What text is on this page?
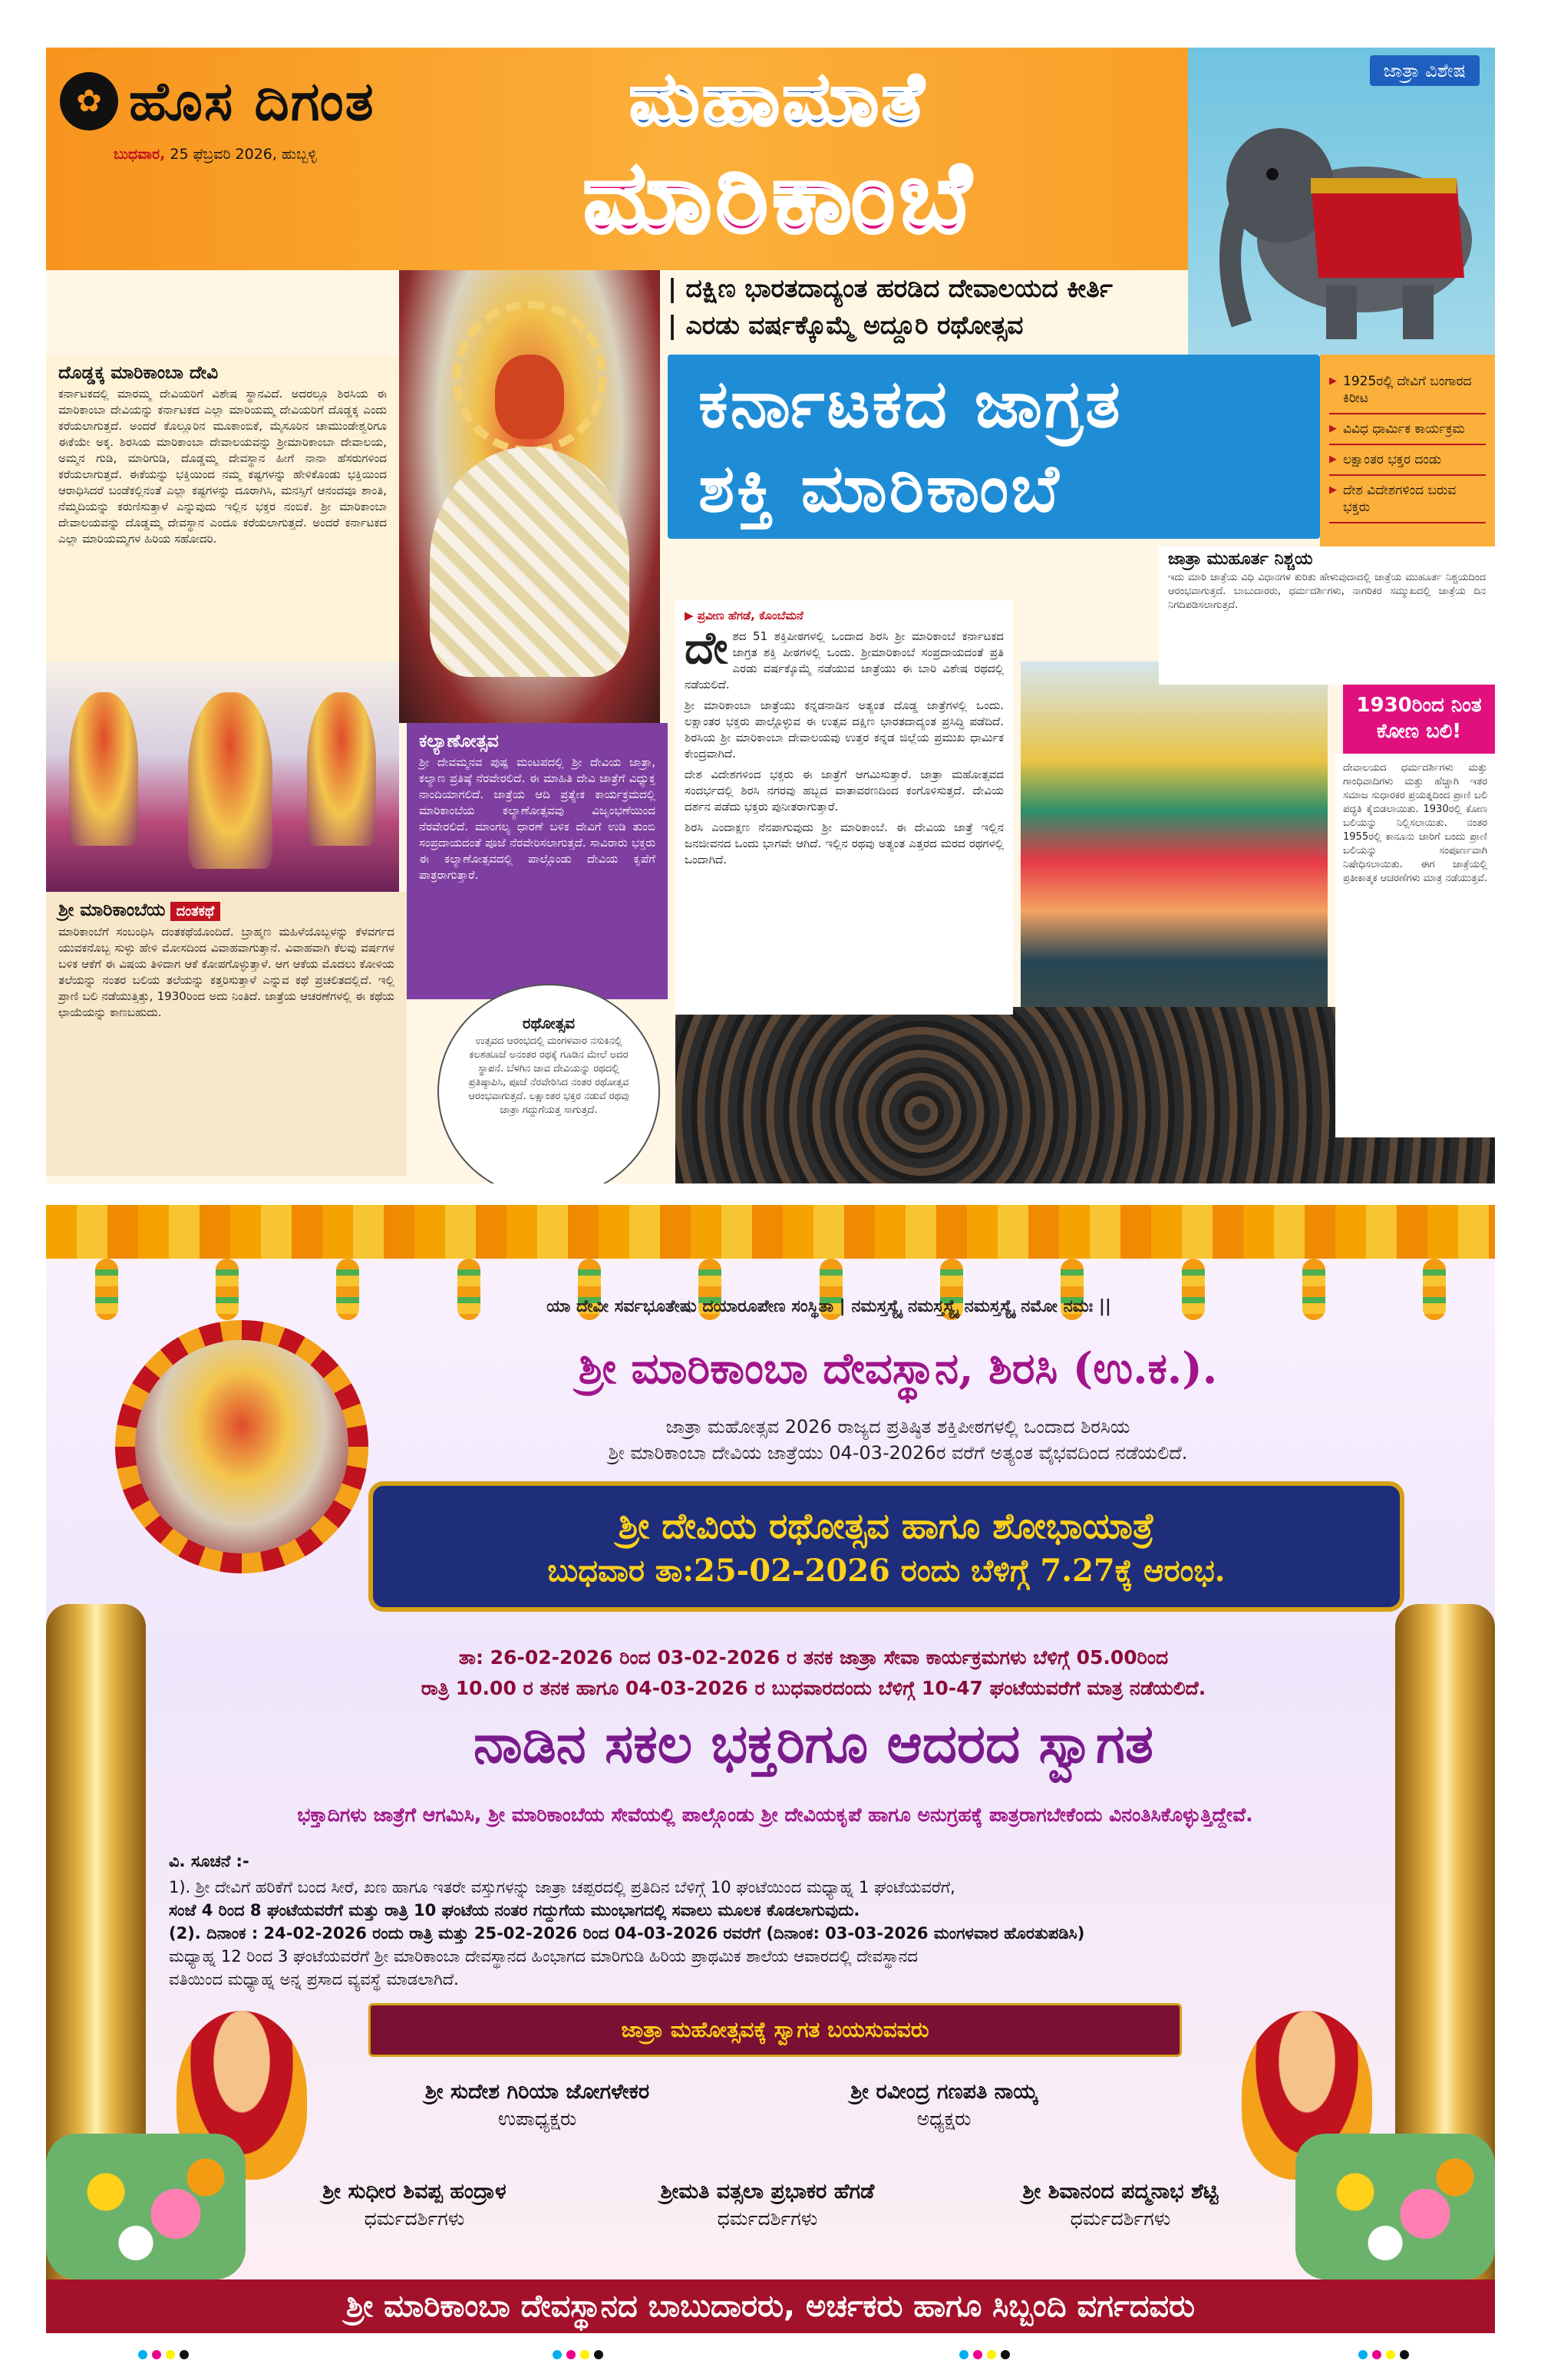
✿ ಹೊಸ ದಿಗಂತ
ಬುಧವಾರ, 25 ಫೆಬ್ರವರಿ 2026, ಹುಬ್ಬಳ್ಳಿ
ಮಹಾಮಾತೆ
ಮಾರಿಕಾಂಬೆ
ಜಾತ್ರಾ ವಿಶೇಷ
| ದಕ್ಷಿಣ ಭಾರತದಾದ್ಯಂತ ಹರಡಿದ ದೇವಾಲಯದ ಕೀರ್ತಿ
| ಎರಡು ವರ್ಷಕ್ಕೊಮ್ಮೆ ಅದ್ದೂರಿ ರಥೋತ್ಸವ
ಕರ್ನಾಟಕದ ಜಾಗ್ರತ
ಶಕ್ತಿ ಮಾರಿಕಾಂಬೆ
▶ 1925ರಲ್ಲಿ ದೇವಿಗೆ ಬಂಗಾರದ ಕಿರೀಟ
▶ ವಿವಿಧ ಧಾರ್ಮಿಕ ಕಾರ್ಯಕ್ರಮ
▶ ಲಕ್ಷಾಂತರ ಭಕ್ತರ ದಂಡು
▶ ದೇಶ ವಿದೇಶಗಳಿಂದ ಬರುವ ಭಕ್ತರು
ದೊಡ್ಡಕ್ಕ ಮಾರಿಕಾಂಬಾ ದೇವಿ

ಕರ್ನಾಟಕದಲ್ಲಿ ಮಾರಮ್ಮ ದೇವಿಯರಿಗೆ ವಿಶೇಷ ಸ್ಥಾನವಿದೆ. ಅದರಲ್ಲೂ ಶಿರಸಿಯ ಈ ಮಾರಿಕಾಂಬಾ ದೇವಿಯನ್ನು ಕರ್ನಾಟಕದ ಎಲ್ಲಾ ಮಾರಿಯಮ್ಮ ದೇವಿಯರಿಗೆ ದೊಡ್ಡಕ್ಕ ಎಂದು ಕರೆಯಲಾಗುತ್ತದೆ. ಅಂದರೆ ಕೊಲ್ಲೂರಿನ ಮೂಕಾಂಬಿಕೆ, ಮೈಸೂರಿನ ಚಾಮುಂಡೇಶ್ವರಿಗೂ ಈಕೆಯೇ ಅಕ್ಕ. ಶಿರಸಿಯ ಮಾರಿಕಾಂಬಾ ದೇವಾಲಯವನ್ನು ಶ್ರೀಮಾರಿಕಾಂಬಾ ದೇವಾಲಯ, ಅಮ್ಮನ ಗುಡಿ, ಮಾರಿಗುಡಿ, ದೊಡ್ಡಮ್ಮ ದೇವಸ್ಥಾನ ಹೀಗೆ ನಾನಾ ಹೆಸರುಗಳಿಂದ ಕರೆಯಲಾಗುತ್ತದೆ. ಈಕೆಯನ್ನು ಭಕ್ತಿಯಿಂದ ನಮ್ಮ ಕಷ್ಟಗಳನ್ನು ಹೇಳಿಕೊಂಡು ಭಕ್ತಿಯಿಂದ ಆರಾಧಿಸಿದರೆ ಬಂಡೆಕಲ್ಲಿನಂತೆ ಎಲ್ಲಾ ಕಷ್ಟಗಳನ್ನು ದೂರಾಗಿಸಿ, ಮನಸ್ಸಿಗೆ ಆನಂದವೂ ಶಾಂತಿ, ನೆಮ್ಮದಿಯನ್ನು ಕರುಣಿಸುತ್ತಾಳೆ ಎನ್ನುವುದು ಇಲ್ಲಿನ ಭಕ್ತರ ನಂಬಿಕೆ. ಶ್ರೀ ಮಾರಿಕಾಂಬಾ ದೇವಾಲಯವನ್ನು ದೊಡ್ಡಮ್ಮ ದೇವಸ್ಥಾನ ಎಂದೂ ಕರೆಯಲಾಗುತ್ತದೆ. ಅಂದರೆ ಕರ್ನಾಟಕದ ಎಲ್ಲಾ ಮಾರಿಯಮ್ಮಗಳ ಹಿರಿಯ ಸಹೋದರಿ.

ಶ್ರೀ ಮಾರಿಕಾಂಬೆಯ ದಂತಕಥೆ

ಮಾರಿಕಾಂಬೆಗೆ ಸಂಬಂಧಿಸಿ ದಂತಕಥೆಯೊಂದಿದೆ. ಬ್ರಾಹ್ಮಣ ಮಹಿಳೆಯೊಬ್ಬಳನ್ನು ಕೆಳವರ್ಗದ ಯುವಕನೊಬ್ಬ ಸುಳ್ಳು ಹೇಳಿ ಮೋಸದಿಂದ ವಿವಾಹವಾಗುತ್ತಾನೆ. ವಿವಾಹವಾಗಿ ಕೆಲವು ವರ್ಷಗಳ ಬಳಿಕ ಆಕೆಗೆ ಈ ವಿಷಯ ತಿಳಿದಾಗ ಆಕೆ ಕೋಪಗೊಳ್ಳುತ್ತಾಳೆ. ಆಗ ಆಕೆಯ ಮೊದಲು ಕೋಳಿಯ ತಲೆಯನ್ನು ನಂತರ ಬಲಿಯ ತಲೆಯನ್ನು ಕತ್ತರಿಸುತ್ತಾಳೆ ಎನ್ನುವ ಕಥೆ ಪ್ರಚಲಿತದಲ್ಲಿದೆ. ಇಲ್ಲಿ ಪ್ರಾಣಿ ಬಲಿ ನಡೆಯುತ್ತಿತ್ತು, 1930ರಿಂದ ಅದು ನಿಂತಿದೆ. ಜಾತ್ರೆಯ ಆಚರಣೆಗಳಲ್ಲಿ ಈ ಕಥೆಯ ಛಾಯೆಯನ್ನು ಕಾಣಬಹುದು.

ಕಲ್ಯಾಣೋತ್ಸವ

ಶ್ರೀ ದೇವಮ್ಮನವ ಪುಷ್ಪ ಮಂಟಪದಲ್ಲಿ ಶ್ರೀ ದೇವಿಯ ಜಾತ್ರಾ, ಕಲ್ಯಾಣ ಪ್ರತಿಷ್ಠೆ ನೆರವೇರಲಿದೆ. ಈ ಮಾಹಿತಿ ದೇವಿ ಜಾತ್ರೆಗೆ ವಿಧ್ಯುಕ್ತ ನಾಂದಿಯಾಗಲಿದೆ. ಜಾತ್ರೆಯ ಆದಿ ಪ್ರತ್ಯೇಕ ಕಾರ್ಯಕ್ರಮದಲ್ಲಿ ಮಾರಿಕಾಂಬೆಯ ಕಲ್ಯಾಣೋತ್ಸವವು ವಿಜೃಂಭಣೆಯಿಂದ ನೆರವೇರಲಿದೆ. ಮಾಂಗಲ್ಯ ಧಾರಣೆ ಬಳಿಕ ದೇವಿಗೆ ಉಡಿ ತುಂಬಿ ಸಂಪ್ರದಾಯದಂತೆ ಪೂಜೆ ನೆರವೇರಿಸಲಾಗುತ್ತದೆ. ಸಾವಿರಾರು ಭಕ್ತರು ಈ ಕಲ್ಯಾಣೋತ್ಸವದಲ್ಲಿ ಪಾಲ್ಗೊಂಡು ದೇವಿಯ ಕೃಪೆಗೆ ಪಾತ್ರರಾಗುತ್ತಾರೆ.

ರಥೋತ್ಸವ

ಉತ್ಸವದ ಆರಂಭದಲ್ಲಿ ಮಂಗಳವಾರ ನಸುಕಿನಲ್ಲಿ ಕಲಶಹೂಜೆ ಅನಂತರ ರಥಕ್ಕೆ ಗೂಡಿನ ಮೇಲೆ ಅದರ ಸ್ಥಾಪನೆ. ಬೆಳಗಿನ ಜಾವ ದೇವಿಯನ್ನು ರಥದಲ್ಲಿ ಪ್ರತಿಷ್ಠಾಪಿಸಿ, ಪೂಜೆ ನೆರವೇರಿಸಿದ ನಂತರ ರಥೋತ್ಸವ ಆರಂಭವಾಗುತ್ತದೆ. ಲಕ್ಷಾಂತರ ಭಕ್ತರ ನಡುವೆ ರಥವು ಜಾತ್ರಾ ಗದ್ದುಗೆಯತ್ತ ಸಾಗುತ್ತದೆ.

▶ ಪ್ರವೀಣ ಹೆಗಡೆ, ಕೊಂಬೆಮನೆ
ದೇ ಶದ 51 ಶಕ್ತಿಪೀಠಗಳಲ್ಲಿ ಒಂದಾದ ಶಿರಸಿ ಶ್ರೀ ಮಾರಿಕಾಂಬೆ ಕರ್ನಾಟಕದ ಜಾಗ್ರತ ಶಕ್ತಿ ಪೀಠಗಳಲ್ಲಿ ಒಂದು. ಶ್ರೀಮಾರಿಕಾಂಬೆ ಸಂಪ್ರದಾಯದಂತೆ ಪ್ರತಿ ಎರಡು ವರ್ಷಕ್ಕೊಮ್ಮೆ ನಡೆಯುವ ಜಾತ್ರೆಯು ಈ ಬಾರಿ ವಿಶೇಷ ರಥದಲ್ಲಿ ನಡೆಯಲಿದೆ.

ಶ್ರೀ ಮಾರಿಕಾಂಬಾ ಜಾತ್ರೆಯು ಕನ್ನಡನಾಡಿನ ಅತ್ಯಂತ ದೊಡ್ಡ ಜಾತ್ರೆಗಳಲ್ಲಿ ಒಂದು. ಲಕ್ಷಾಂತರ ಭಕ್ತರು ಪಾಲ್ಗೊಳ್ಳುವ ಈ ಉತ್ಸವ ದಕ್ಷಿಣ ಭಾರತದಾದ್ಯಂತ ಪ್ರಸಿದ್ಧಿ ಪಡೆದಿದೆ. ಶಿರಸಿಯ ಶ್ರೀ ಮಾರಿಕಾಂಬಾ ದೇವಾಲಯವು ಉತ್ತರ ಕನ್ನಡ ಜಿಲ್ಲೆಯ ಪ್ರಮುಖ ಧಾರ್ಮಿಕ ಕೇಂದ್ರವಾಗಿದೆ.

ದೇಶ ವಿದೇಶಗಳಿಂದ ಭಕ್ತರು ಈ ಜಾತ್ರೆಗೆ ಆಗಮಿಸುತ್ತಾರೆ. ಜಾತ್ರಾ ಮಹೋತ್ಸವದ ಸಂದರ್ಭದಲ್ಲಿ ಶಿರಸಿ ನಗರವು ಹಬ್ಬದ ವಾತಾವರಣದಿಂದ ಕಂಗೊಳಿಸುತ್ತದೆ. ದೇವಿಯ ದರ್ಶನ ಪಡೆದು ಭಕ್ತರು ಪುನೀತರಾಗುತ್ತಾರೆ.

ಶಿರಸಿ ಎಂದಾಕ್ಷಣ ನೆನಪಾಗುವುದು ಶ್ರೀ ಮಾರಿಕಾಂಬೆ. ಈ ದೇವಿಯ ಜಾತ್ರೆ ಇಲ್ಲಿನ ಜನಜೀವನದ ಒಂದು ಭಾಗವೇ ಆಗಿದೆ. ಇಲ್ಲಿನ ರಥವು ಅತ್ಯಂತ ಎತ್ತರದ ಮರದ ರಥಗಳಲ್ಲಿ ಒಂದಾಗಿದೆ.

ಜಾತ್ರಾ ಮುಹೂರ್ತ ನಿಶ್ಚಯ

ಇದು ಮಾರಿ ಜಾತ್ರೆಯ ವಿಧಿ ವಿಧಾನಗಳ ಕುರಿತು ಹೇಳುವುದಾದಲ್ಲಿ ಜಾತ್ರೆಯ ಮುಹೂರ್ತ ನಿಶ್ಚಯದಿಂದ ಆರಂಭವಾಗುತ್ತದೆ. ಬಾಬುದಾರರು, ಧರ್ಮದರ್ಶಿಗಳು, ನಾಗರಿಕರ ಸಮ್ಮುಖದಲ್ಲಿ ಜಾತ್ರೆಯ ದಿನ ನಿಗದಿಪಡಿಸಲಾಗುತ್ತದೆ.

1930ರಿಂದ ನಿಂತ ಕೋಣ ಬಲಿ!

ದೇವಾಲಯದ ಧರ್ಮದರ್ಶಿಗಳು ಮತ್ತು ಗಾಂಧಿವಾದಿಗಳು ಮತ್ತು ಹೆಚ್ಚಾಗಿ ಇತರ ಸಮಾಜ ಸುಧಾರಕರ ಪ್ರಯತ್ನದಿಂದ ಪ್ರಾಣಿ ಬಲಿ ಪದ್ಧತಿ ಕೈಬಿಡಲಾಯಿತು. 1930ರಲ್ಲಿ ಕೋಣ ಬಲಿಯನ್ನು ನಿಲ್ಲಿಸಲಾಯಿತು. ನಂತರ 1955ರಲ್ಲಿ ಕಾನೂನು ಜಾರಿಗೆ ಬಂದು ಪ್ರಾಣಿ ಬಲಿಯನ್ನು ಸಂಪೂರ್ಣವಾಗಿ ನಿಷೇಧಿಸಲಾಯಿತು. ಈಗ ಜಾತ್ರೆಯಲ್ಲಿ ಪ್ರತೀಕಾತ್ಮಕ ಆಚರಣೆಗಳು ಮಾತ್ರ ನಡೆಯುತ್ತವೆ.

ಯಾ ದೇವೀ ಸರ್ವಭೂತೇಷು ದಯಾರೂಪೇಣ ಸಂಸ್ಥಿತಾ | ನಮಸ್ತಸ್ಯೈ ನಮಸ್ತಸ್ಯೈ ನಮಸ್ತಸ್ಯೈ ನಮೋ ನಮಃ ||
ಶ್ರೀ ಮಾರಿಕಾಂಬಾ ದೇವಸ್ಥಾನ, ಶಿರಸಿ (ಉ.ಕ.).
ಜಾತ್ರಾ ಮಹೋತ್ಸವ 2026 ರಾಜ್ಯದ ಪ್ರತಿಷ್ಠಿತ ಶಕ್ತಿಪೀಠಗಳಲ್ಲಿ ಒಂದಾದ ಶಿರಸಿಯ
ಶ್ರೀ ಮಾರಿಕಾಂಬಾ ದೇವಿಯ ಜಾತ್ರೆಯು 04-03-2026ರ ವರೆಗೆ ಅತ್ಯಂತ ವೈಭವದಿಂದ ನಡೆಯಲಿದೆ.
ಶ್ರೀ ದೇವಿಯ ರಥೋತ್ಸವ ಹಾಗೂ ಶೋಭಾಯಾತ್ರೆ
ಬುಧವಾರ ತಾ:25-02-2026 ರಂದು ಬೆಳಿಗ್ಗೆ 7.27ಕ್ಕೆ ಆರಂಭ.
ತಾ: 26-02-2026 ರಿಂದ 03-02-2026 ರ ತನಕ ಜಾತ್ರಾ ಸೇವಾ ಕಾರ್ಯಕ್ರಮಗಳು ಬೆಳಿಗ್ಗೆ 05.00ರಿಂದ
ರಾತ್ರಿ 10.00 ರ ತನಕ ಹಾಗೂ 04-03-2026 ರ ಬುಧವಾರದಂದು ಬೆಳಿಗ್ಗೆ 10-47 ಘಂಟೆಯವರೆಗೆ ಮಾತ್ರ ನಡೆಯಲಿದೆ.
ನಾಡಿನ ಸಕಲ ಭಕ್ತರಿಗೂ ಆದರದ ಸ್ವಾಗತ
ಭಕ್ತಾದಿಗಳು ಜಾತ್ರೆಗೆ ಆಗಮಿಸಿ, ಶ್ರೀ ಮಾರಿಕಾಂಬೆಯ ಸೇವೆಯಲ್ಲಿ ಪಾಲ್ಗೊಂಡು ಶ್ರೀ ದೇವಿಯಕೃಪೆ ಹಾಗೂ ಅನುಗ್ರಹಕ್ಕೆ ಪಾತ್ರರಾಗಬೇಕೆಂದು ವಿನಂತಿಸಿಕೊಳ್ಳುತ್ತಿದ್ದೇವೆ.
ವಿ. ಸೂಚನೆ :-
1). ಶ್ರೀ ದೇವಿಗೆ ಹರಿಕೆಗೆ ಬಂದ ಸೀರೆ, ಖಣ ಹಾಗೂ ಇತರೇ ವಸ್ತುಗಳನ್ನು ಜಾತ್ರಾ ಚಪ್ಪರದಲ್ಲಿ ಪ್ರತಿದಿನ ಬೆಳಿಗ್ಗೆ 10 ಘಂಟೆಯಿಂದ ಮಧ್ಯಾಹ್ನ 1 ಘಂಟೆಯವರೆಗೆ,
ಸಂಜೆ 4 ರಿಂದ 8 ಘಂಟೆಯವರೆಗೆ ಮತ್ತು ರಾತ್ರಿ 10 ಘಂಟೆಯ ನಂತರ ಗದ್ದುಗೆಯ ಮುಂಭಾಗದಲ್ಲಿ ಸವಾಲು ಮೂಲಕ ಕೊಡಲಾಗುವುದು.
(2). ದಿನಾಂಕ : 24-02-2026 ರಂದು ರಾತ್ರಿ ಮತ್ತು 25-02-2026 ರಿಂದ 04-03-2026 ರವರೆಗೆ (ದಿನಾಂಕ: 03-03-2026 ಮಂಗಳವಾರ ಹೊರತುಪಡಿಸಿ)
ಮಧ್ಯಾಹ್ನ 12 ರಿಂದ 3 ಘಂಟೆಯವರೆಗೆ ಶ್ರೀ ಮಾರಿಕಾಂಬಾ ದೇವಸ್ಥಾನದ ಹಿಂಭಾಗದ ಮಾರಿಗುಡಿ ಹಿರಿಯ ಪ್ರಾಥಮಿಕ ಶಾಲೆಯ ಆವಾರದಲ್ಲಿ ದೇವಸ್ಥಾನದ
ವತಿಯಿಂದ ಮಧ್ಯಾಹ್ನ ಅನ್ನ ಪ್ರಸಾದ ವ್ಯವಸ್ಥೆ ಮಾಡಲಾಗಿದೆ.
ಜಾತ್ರಾ ಮಹೋತ್ಸವಕ್ಕೆ ಸ್ವಾಗತ ಬಯಸುವವರು
ಶ್ರೀ ಸುದೇಶ ಗಿರಿಯಾ ಜೋಗಳೇಕರ
ಉಪಾಧ್ಯಕ್ಷರು
ಶ್ರೀ ರವೀಂದ್ರ ಗಣಪತಿ ನಾಯ್ಕ
ಅಧ್ಯಕ್ಷರು
ಶ್ರೀ ಸುಧೀರ ಶಿವಪ್ಪ ಹಂದ್ರಾಳ
ಧರ್ಮದರ್ಶಿಗಳು
ಶ್ರೀಮತಿ ವತ್ಸಲಾ ಪ್ರಭಾಕರ ಹೆಗಡೆ
ಧರ್ಮದರ್ಶಿಗಳು
ಶ್ರೀ ಶಿವಾನಂದ ಪದ್ಮನಾಭ ಶೆಟ್ಟಿ
ಧರ್ಮದರ್ಶಿಗಳು
ಶ್ರೀ ಮಾರಿಕಾಂಬಾ ದೇವಸ್ಥಾನದ ಬಾಬುದಾರರು, ಅರ್ಚಕರು ಹಾಗೂ ಸಿಬ್ಬಂದಿ ವರ್ಗದವರು
